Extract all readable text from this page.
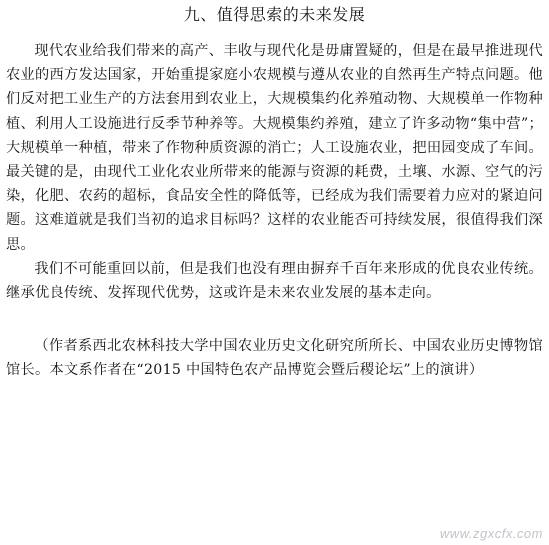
九、值得思索的未来发展

现代农业给我们带来的高产、丰收与现代化是毋庸置疑的，但是在最早推进现代农业的西方发达国家，开始重提家庭小农规模与遵从农业的自然再生产特点问题。他们反对把工业生产的方法套用到农业上，大规模集约化养殖动物、大规模单一作物种植、利用人工设施进行反季节种养等。大规模集约养殖，建立了许多动物“集中营”；大规模单一种植，带来了作物种质资源的消亡；人工设施农业，把田园变成了车间。最关键的是，由现代工业化农业所带来的能源与资源的耗费，土壤、水源、空气的污染，化肥、农药的超标，食品安全性的降低等，已经成为我们需要着力应对的紧迫问题。这难道就是我们当初的追求目标吗？这样的农业能否可持续发展，很值得我们深思。

我们不可能重回以前，但是我们也没有理由摒弃千百年来形成的优良农业传统。继承优良传统、发挥现代优势，这或许是未来农业发展的基本走向。

（作者系西北农林科技大学中国农业历史文化研究所所长、中国农业历史博物馆馆长。本文系作者在“2015 中国特色农产品博览会暨后稷论坛”上的演讲）

www.zgxcfx.com
